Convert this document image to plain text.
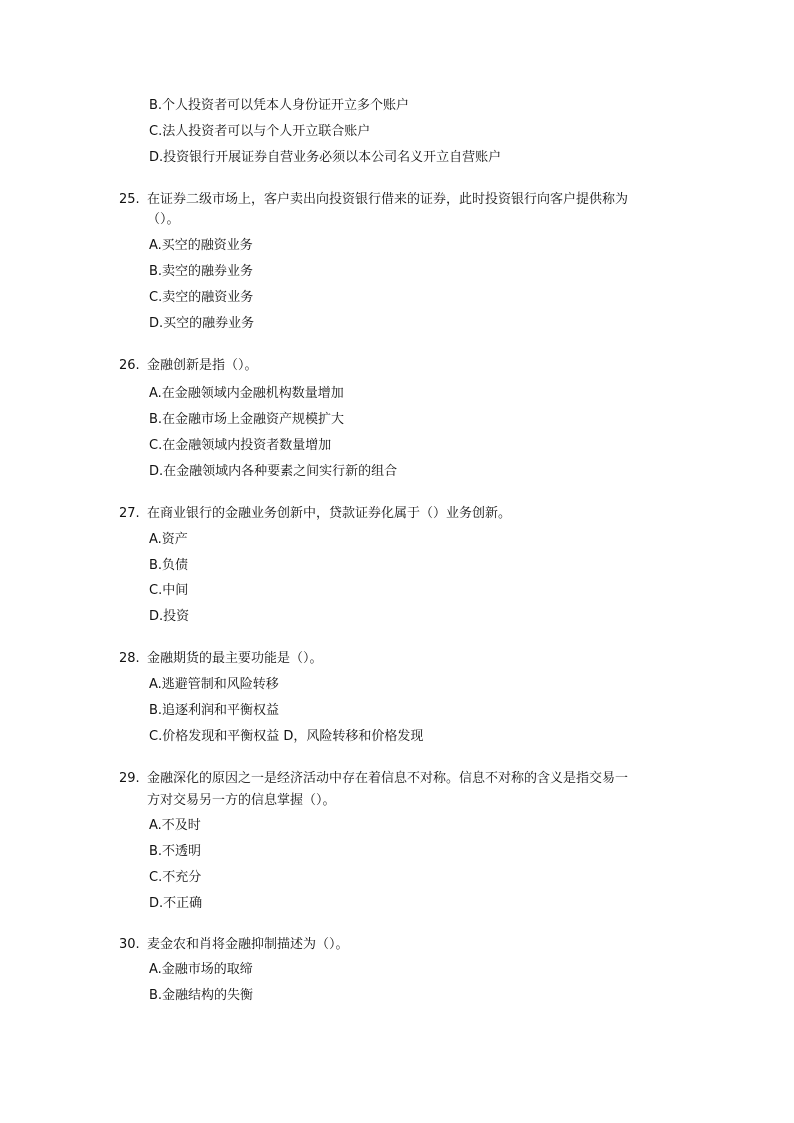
B.个人投资者可以凭本人身份证开立多个账户
C.法人投资者可以与个人开立联合账户
D.投资银行开展证券自营业务必须以本公司名义开立自营账户
25. 在证券二级市场上，客户卖出向投资银行借来的证券，此时投资银行向客户提供称为
（）。
A.买空的融资业务
B.卖空的融券业务
C.卖空的融资业务
D.买空的融券业务
26. 金融创新是指（）。
A.在金融领域内金融机构数量增加
B.在金融市场上金融资产规模扩大
C.在金融领域内投资者数量增加
D.在金融领域内各种要素之间实行新的组合
27. 在商业银行的金融业务创新中，贷款证券化属于（）业务创新。
A.资产
B.负债
C.中间
D.投资
28. 金融期货的最主要功能是（）。
A.逃避管制和风险转移
B.追逐利润和平衡权益
C.价格发现和平衡权益 D，风险转移和价格发现
29. 金融深化的原因之一是经济活动中存在着信息不对称。信息不对称的含义是指交易一
方对交易另一方的信息掌握（）。
A.不及时
B.不透明
C.不充分
D.不正确
30. 麦金农和肖将金融抑制描述为（）。
A.金融市场的取缔
B.金融结构的失衡
